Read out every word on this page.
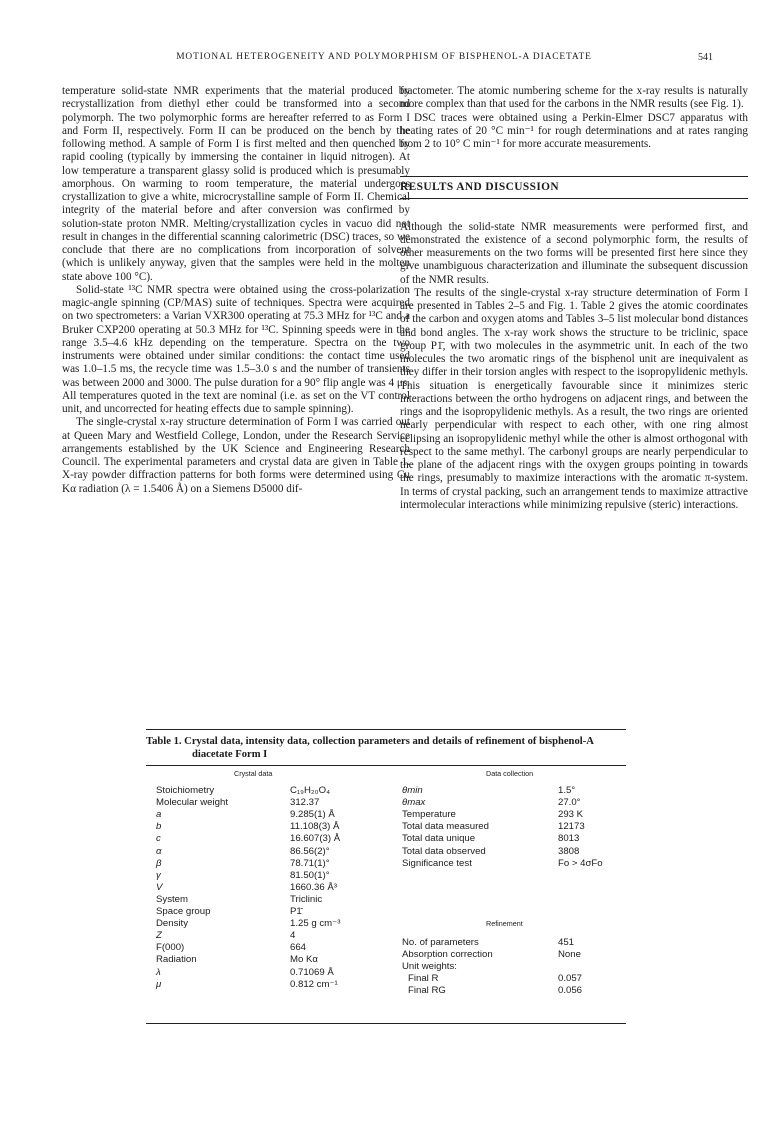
MOTIONAL HETEROGENEITY AND POLYMORPHISM OF BISPHENOL-A DIACETATE	541

temperature solid-state NMR experiments that the material produced by recrystallization from diethyl ether could be transformed into a second polymorph. The two polymorphic forms are hereafter referred to as Form I and Form II, respectively. Form II can be produced on the bench by the following method. A sample of Form I is first melted and then quenched by rapid cooling (typically by immersing the container in liquid nitrogen). At low temperature a transparent glassy solid is produced which is presumably amorphous. On warming to room temperature, the material undergoes crystallization to give a white, microcrystalline sample of Form II. Chemical integrity of the material before and after conversion was confirmed by solution-state proton NMR. Melting/crystallization cycles in vacuo did not result in changes in the differential scanning calorimetric (DSC) traces, so we conclude that there are no complications from incorporation of solvent (which is unlikely anyway, given that the samples were held in the molten state above 100 °C).

Solid-state ¹³C NMR spectra were obtained using the cross-polarization magic-angle spinning (CP/MAS) suite of techniques. Spectra were acquired on two spectrometers: a Varian VXR300 operating at 75.3 MHz for ¹³C and a Bruker CXP200 operating at 50.3 MHz for ¹³C. Spinning speeds were in the range 3.5–4.6 kHz depending on the temperature. Spectra on the two instruments were obtained under similar conditions: the contact time used was 1.0–1.5 ms, the recycle time was 1.5–3.0 s and the number of transients was between 2000 and 3000. The pulse duration for a 90° flip angle was 4 μs. All temperatures quoted in the text are nominal (i.e. as set on the VT control unit, and uncorrected for heating effects due to sample spinning).

The single-crystal x-ray structure determination of Form I was carried out at Queen Mary and Westfield College, London, under the Research Service arrangements established by the UK Science and Engineering Research Council. The experimental parameters and crystal data are given in Table 1. X-ray powder diffraction patterns for both forms were determined using Cu Kα radiation (λ = 1.5406 Å) on a Siemens D5000 dif-

fractometer. The atomic numbering scheme for the x-ray results is naturally more complex than that used for the carbons in the NMR results (see Fig. 1).

DSC traces were obtained using a Perkin-Elmer DSC7 apparatus with heating rates of 20 °C min⁻¹ for rough determinations and at rates ranging from 2 to 10° C min⁻¹ for more accurate measurements.

RESULTS AND DISCUSSION

Although the solid-state NMR measurements were performed first, and demonstrated the existence of a second polymorphic form, the results of other measurements on the two forms will be presented first here since they give unambiguous characterization and illuminate the subsequent discussion of the NMR results.

The results of the single-crystal x-ray structure determination of Form I are presented in Tables 2–5 and Fig. 1. Table 2 gives the atomic coordinates of the carbon and oxygen atoms and Tables 3–5 list molecular bond distances and bond angles. The x-ray work shows the structure to be triclinic, space group P1̄, with two molecules in the asymmetric unit. In each of the two molecules the two aromatic rings of the bisphenol unit are inequivalent as they differ in their torsion angles with respect to the isopropylidenic methyls. This situation is energetically favourable since it minimizes steric interactions between the ortho hydrogens on adjacent rings, and between the rings and the isopropylidenic methyls. As a result, the two rings are oriented nearly perpendicular with respect to each other, with one ring almost eclipsing an isopropylidenic methyl while the other is almost orthogonal with respect to the same methyl. The carbonyl groups are nearly perpendicular to the plane of the adjacent rings with the oxygen groups pointing in towards the rings, presumably to maximize interactions with the aromatic π-system. In terms of crystal packing, such an arrangement tends to maximize attractive intermolecular interactions while minimizing repulsive (steric) interactions.

Table 1. Crystal data, intensity data, collection parameters and details of refinement of bisphenol-A diacetate Form I
Crystal data	Data collection
Refinement
Stoichiometry	C₁₉H₂₀O₄
Molecular weight	312.37
a	9.285(1) Å
b	11.108(3) Å
c	16.607(3) Å
α	86.56(2)°
β	78.71(1)°
γ	81.50(1)°
V	1660.36 Å³
System	Triclinic
Space group	P1̄
Density	1.25 g cm⁻³
Z	4
F(000)	664
Radiation	Mo Kα
λ	0.71069 Å
μ	0.812 cm⁻¹
θmin	1.5°
θmax	27.0°
Temperature	293 K
Total data measured	12173
Total data unique	8013
Total data observed	3808
Significance test	Fo > 4σFo
No. of parameters	451
Absorption correction	None
Unit weights:
Final R	0.057
Final RG	0.056
